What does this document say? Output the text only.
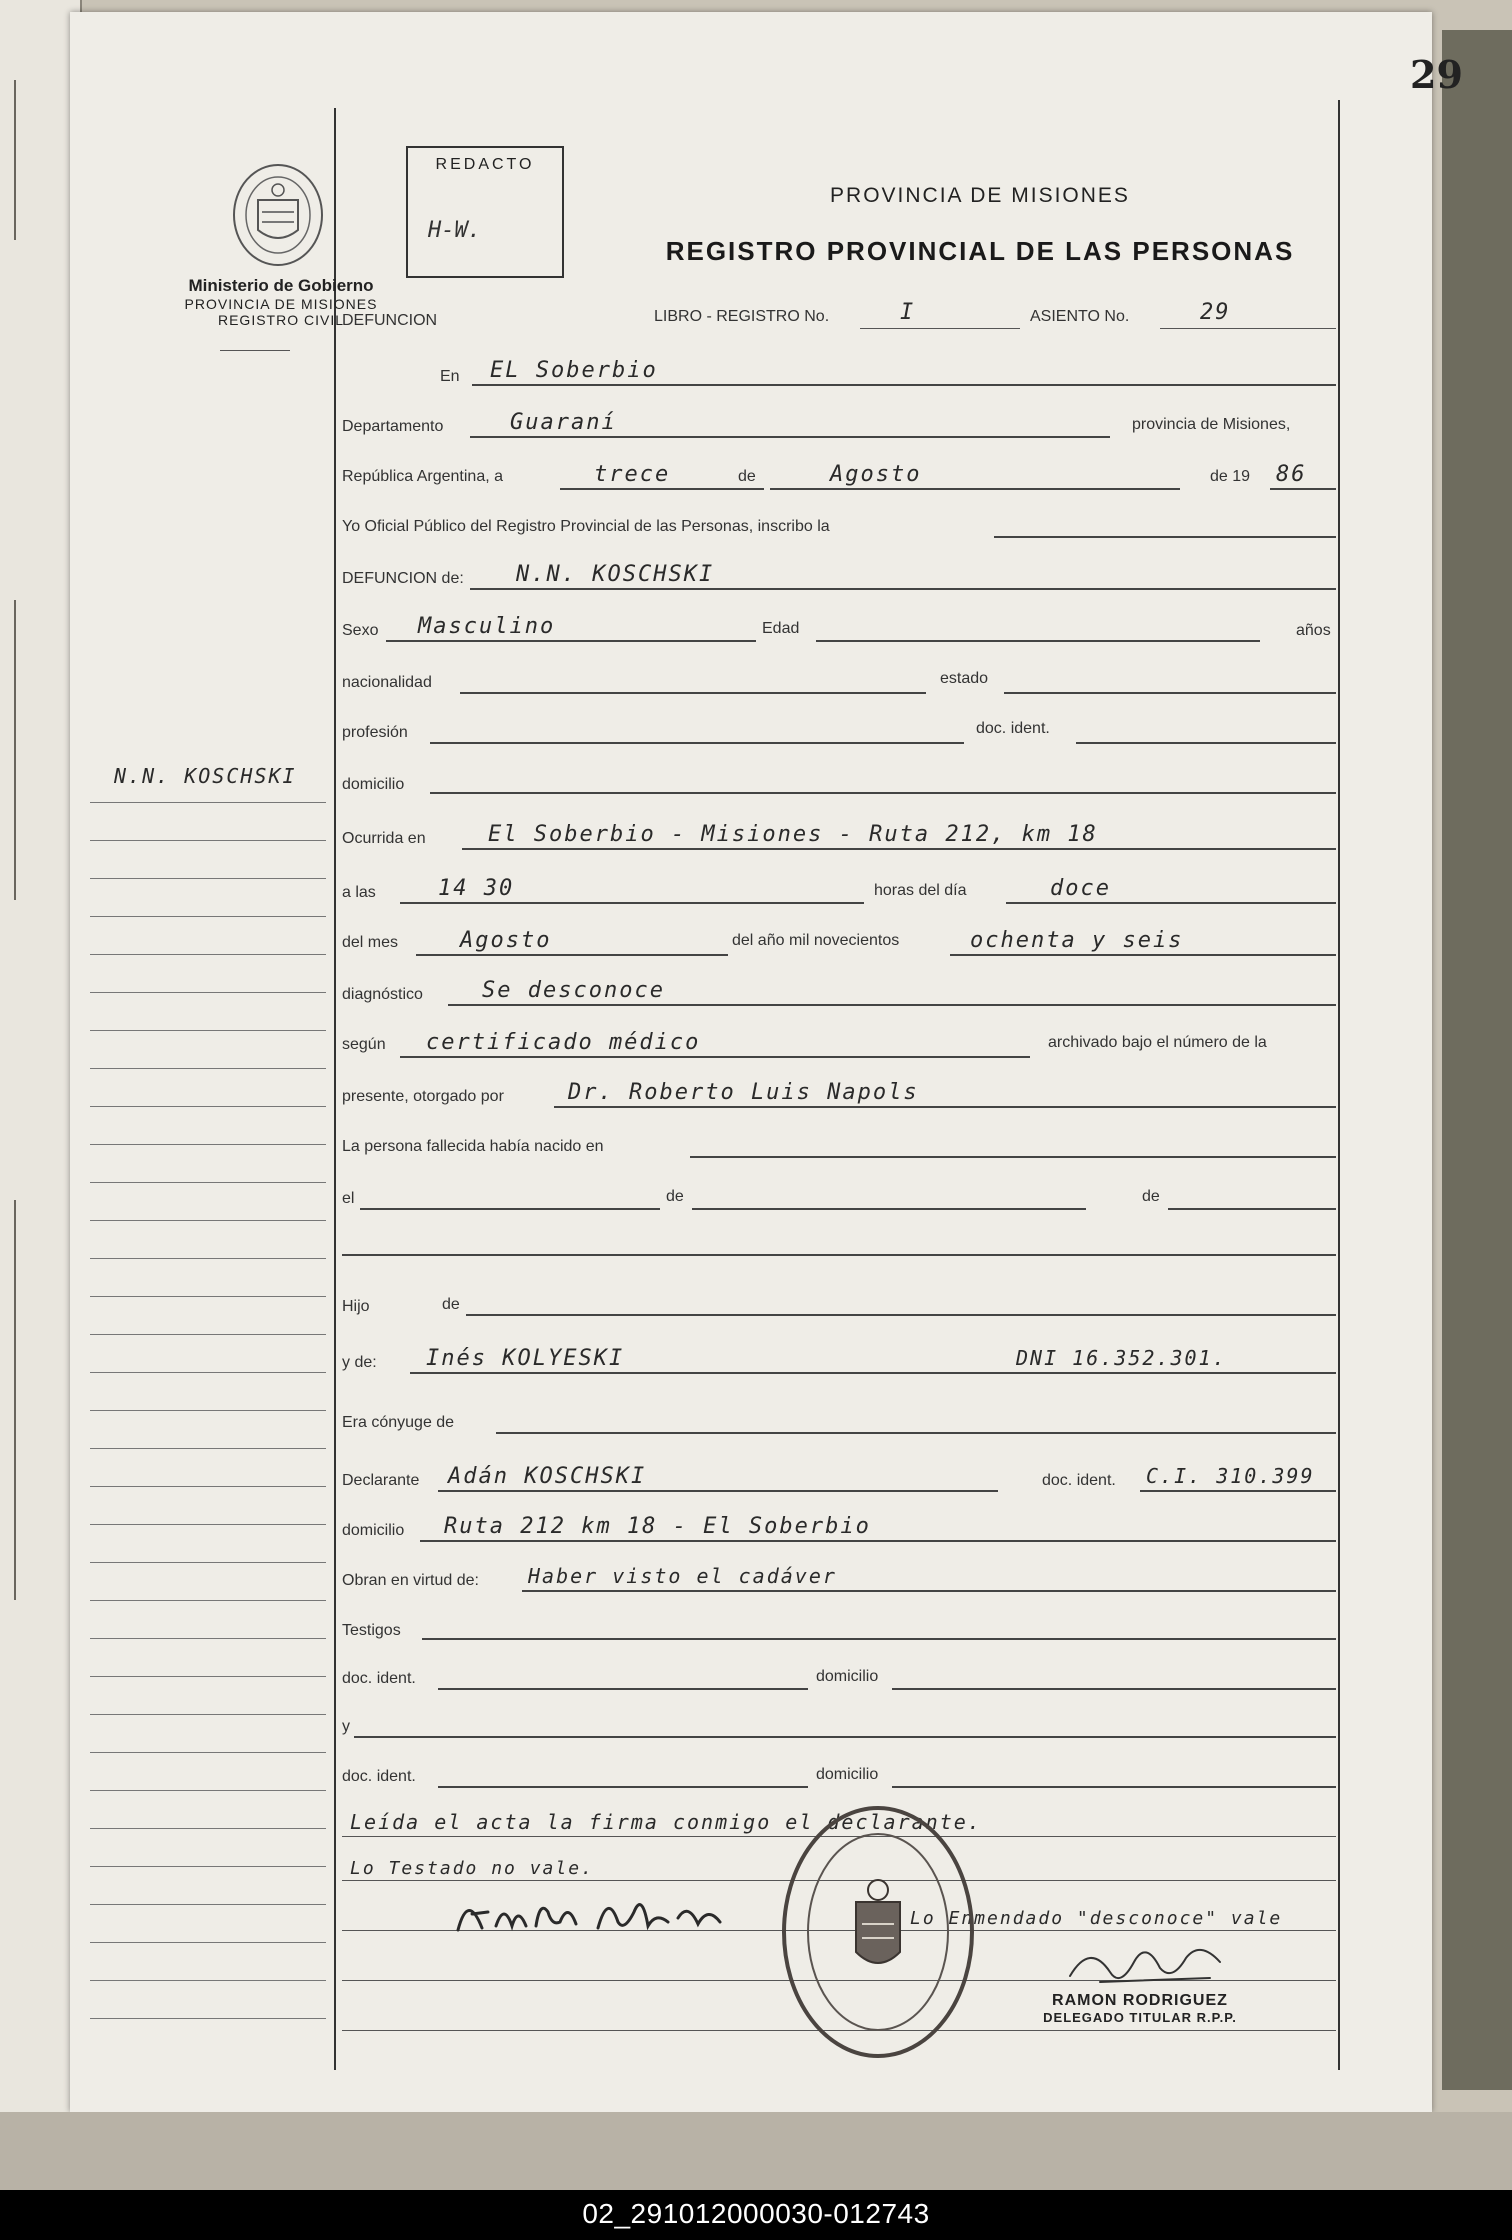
29
Ministerio de Gobierno
PROVINCIA DE MISIONES
REGISTRO CIVIL
REDACTO
H-W.
PROVINCIA DE MISIONES
REGISTRO PROVINCIAL DE LAS PERSONAS
N.N. KOSCHSKI
DEFUNCION	LIBRO - REGISTRO No.	I	ASIENTO No.	29
En EL Soberbio
Departamento	Guaraní	provincia de Misiones,
República Argentina, a	trece	de	Agosto	de 19 86
Yo Oficial Público del Registro Provincial de las Personas, inscribo la
DEFUNCION de: N.N. KOSCHSKI
Sexo Masculino	Edad	años
nacionalidad	estado
profesión	doc. ident.
domicilio
Ocurrida en	El Soberbio - Misiones - Ruta 212, km 18
a las	14 30	horas del día	doce
del mes	Agosto	del año mil novecientos	ochenta y seis
diagnóstico	Se desconoce
según certificado médico	archivado bajo el número de la
presente, otorgado por	Dr. Roberto Luis Napols
La persona fallecida había nacido en
el	de	de
Hijo	de
y de: Inés KOLYESKI	DNI 16.352.301.
Era cónyuge de
Declarante Adán KOSCHSKI	doc. ident. C.I. 310.399
domicilio Ruta 212 km 18 - El Soberbio
Obran en virtud de: Haber visto el cadáver
Testigos
doc. ident.	domicilio
y
doc. ident.	domicilio
Leída el acta la firma conmigo el declarante.
Lo Testado no vale.
Lo Enmendado "desconoce" vale
RAMON RODRIGUEZ
DELEGADO TITULAR R.P.P.
02_291012000030-012743
